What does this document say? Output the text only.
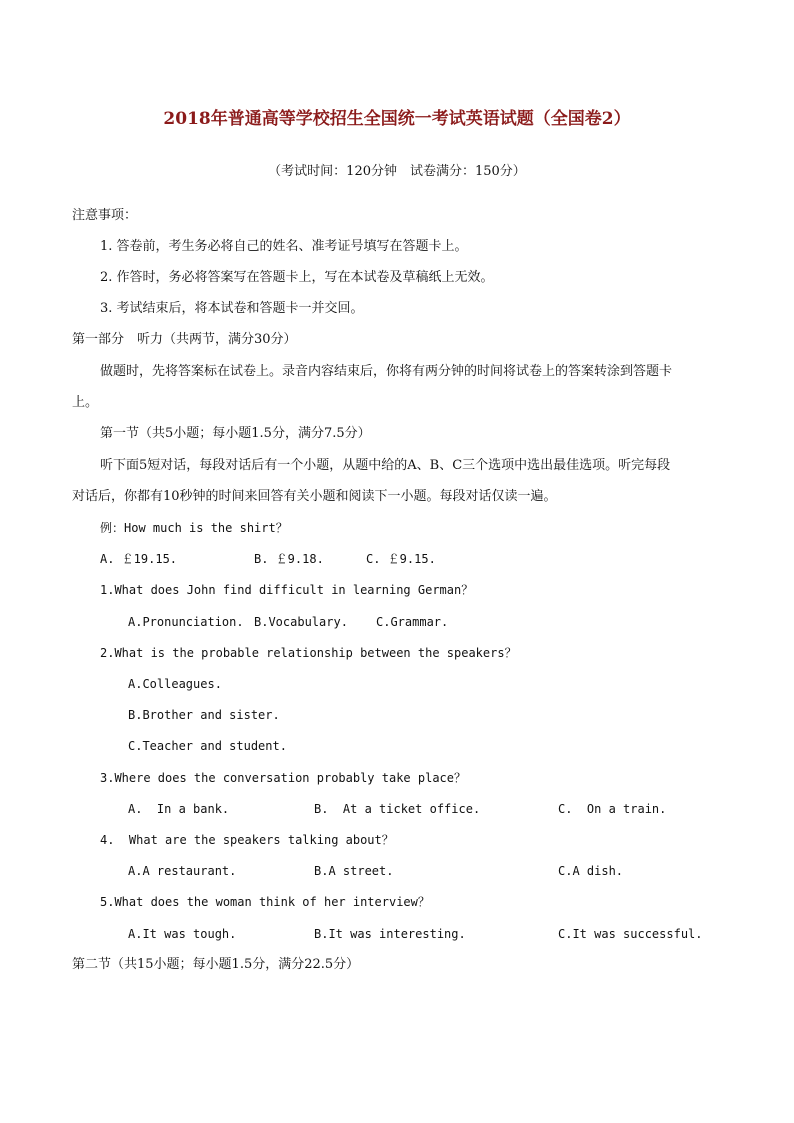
2018年普通高等学校招生全国统一考试英语试题（全国卷2）
（考试时间：120分钟　试卷满分：150分）
注意事项：
1. 答卷前，考生务必将自己的姓名、准考证号填写在答题卡上。
2. 作答时，务必将答案写在答题卡上，写在本试卷及草稿纸上无效。
3. 考试结束后，将本试卷和答题卡一并交回。
第一部分　听力（共两节，满分30分）
做题时，先将答案标在试卷上。录音内容结束后，你将有两分钟的时间将试卷上的答案转涂到答题卡
上。
第一节（共5小题；每小题1.5分，满分7.5分）
听下面5短对话，每段对话后有一个小题，从题中给的A、B、C三个选项中选出最佳选项。听完每段
对话后，你都有10秒钟的时间来回答有关小题和阅读下一小题。每段对话仅读一遍。
例：How much is the shirt？
A. ￡19.15.	B. ￡9.18.	C. ￡9.15.
1.What does John find difficult in learning German？
A.Pronunciation. B.Vocabulary. C.Grammar.
2.What is the probable relationship between the speakers？
A.Colleagues.
B.Brother and sister.
C.Teacher and student.
3.Where does the conversation probably take place？
A.  In a bank.	B.  At a ticket office.	C.  On a train.
4.  What are the speakers talking about？
A.A restaurant.	B.A street.	C.A dish.
5.What does the woman think of her interview？
A.It was tough.	B.It was interesting.	C.It was successful.
第二节（共15小题；每小题1.5分，满分22.5分）
